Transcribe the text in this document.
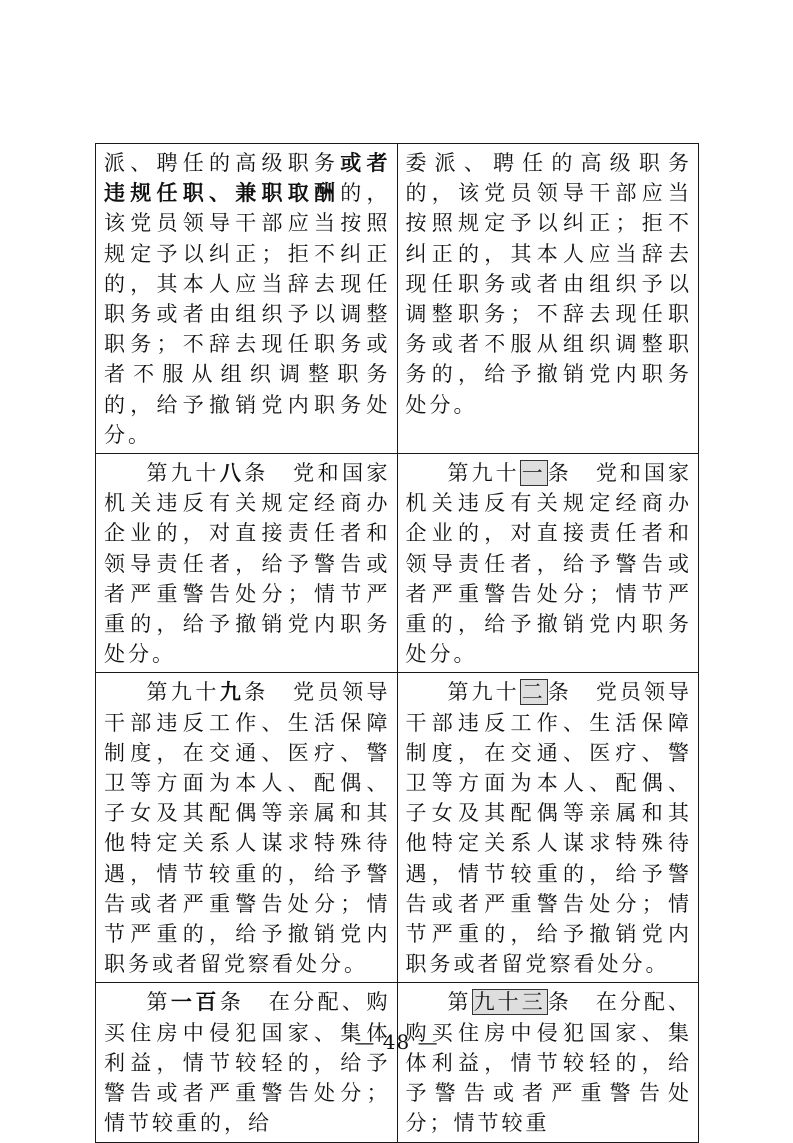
派、聘任的高级职务或者违规任职、兼职取酬的，该党员领导干部应当按照规定予以纠正；拒不纠正的，其本人应当辞去现任职务或者由组织予以调整职务；不辞去现任职务或者不服从组织调整职务的，给予撤销党内职务处分。	委派、聘任的高级职务的，该党员领导干部应当按照规定予以纠正；拒不纠正的，其本人应当辞去现任职务或者由组织予以调整职务；不辞去现任职务或者不服从组织调整职务的，给予撤销党内职务处分。

第九十八条　党和国家机关违反有关规定经商办企业的，对直接责任者和领导责任者，给予警告或者严重警告处分；情节严重的，给予撤销党内职务处分。	第九十一条　党和国家机关违反有关规定经商办企业的，对直接责任者和领导责任者，给予警告或者严重警告处分；情节严重的，给予撤销党内职务处分。

第九十九条　党员领导干部违反工作、生活保障制度，在交通、医疗、警卫等方面为本人、配偶、子女及其配偶等亲属和其他特定关系人谋求特殊待遇，情节较重的，给予警告或者严重警告处分；情节严重的，给予撤销党内职务或者留党察看处分。	第九十二条　党员领导干部违反工作、生活保障制度，在交通、医疗、警卫等方面为本人、配偶、子女及其配偶等亲属和其他特定关系人谋求特殊待遇，情节较重的，给予警告或者严重警告处分；情节严重的，给予撤销党内职务或者留党察看处分。

第一百条　在分配、购买住房中侵犯国家、集体利益，情节较轻的，给予警告或者严重警告处分；情节较重的，给	第九十三条　在分配、购买住房中侵犯国家、集体利益，情节较轻的，给予警告或者严重警告处分；情节较重
— 48 —
